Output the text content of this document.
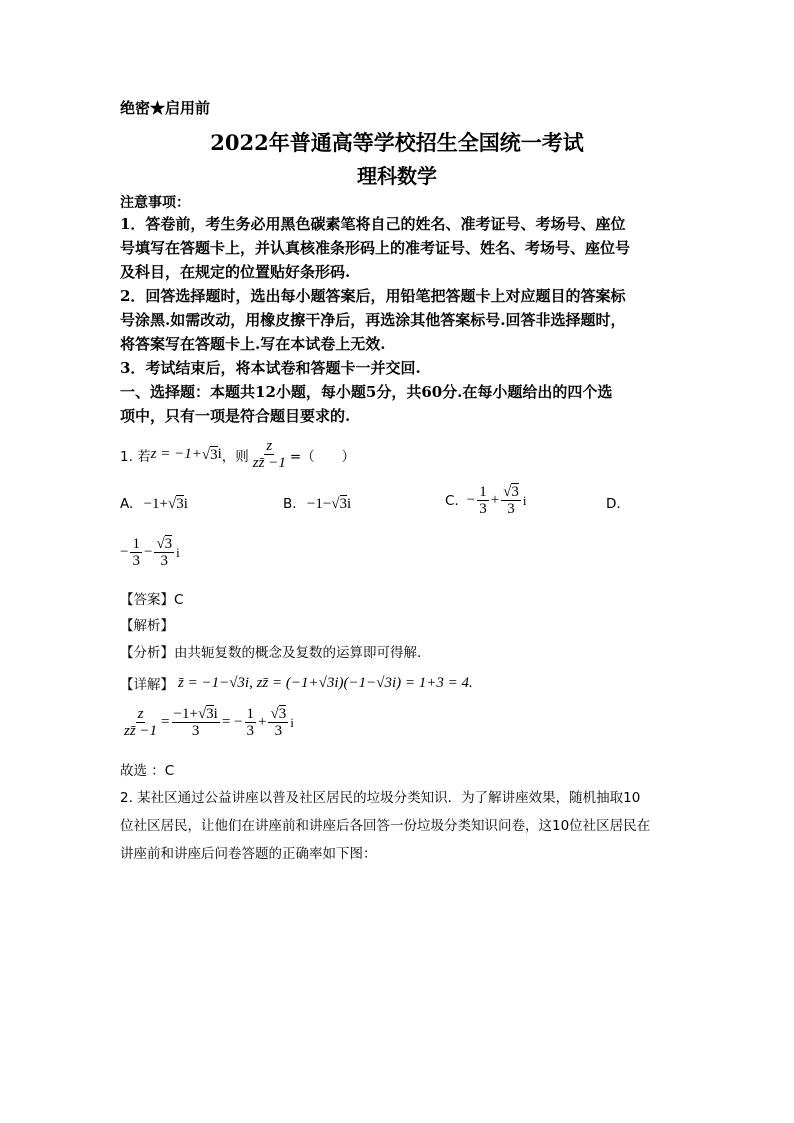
绝密★启用前
2022年普通高等学校招生全国统一考试
理科数学
注意事项：
1．答卷前，考生务必用黑色碳素笔将自己的姓名、准考证号、考场号、座位
号填写在答题卡上，并认真核准条形码上的准考证号、姓名、考场号、座位号
及科目，在规定的位置贴好条形码.
2．回答选择题时，选出每小题答案后，用铅笔把答题卡上对应题目的答案标
号涂黑.如需改动，用橡皮擦干净后，再选涂其他答案标号.回答非选择题时，
将答案写在答题卡上.写在本试卷上无效.
3．考试结束后，将本试卷和答题卡一并交回.
一、选择题：本题共12小题，每小题5分，共60分.在每小题给出的四个选
项中，只有一项是符合题目要求的.
1. 若 z = −1+ √3 i ，则 $\frac{z}{zz̄ -1}$ =（　　）
A. −1+√3i	B. −1−√3i	C. − $\frac{1}{3} + \frac{√3}{3}$ i	D.
− $\frac{1}{3} - \frac{√3}{3}$ i
【答案】C
【解析】
【分析】由共轭复数的概念及复数的运算即可得解.
【详解】 z̄ = −1−√3i, zz̄ = (−1+√3i)(−1−√3i) = 1+3 = 4.
$\frac{z}{zz̄ -1} = \frac{-1+√3i}{3}$ = − $\frac{1}{3} + \frac{√3}{3}$ i
故选 ：C
2. 某社区通过公益讲座以普及社区居民的垃圾分类知识．为了解讲座效果，随机抽取10
位社区居民，让他们在讲座前和讲座后各回答一份垃圾分类知识问卷，这10位社区居民在
讲座前和讲座后问卷答题的正确率如下图：
